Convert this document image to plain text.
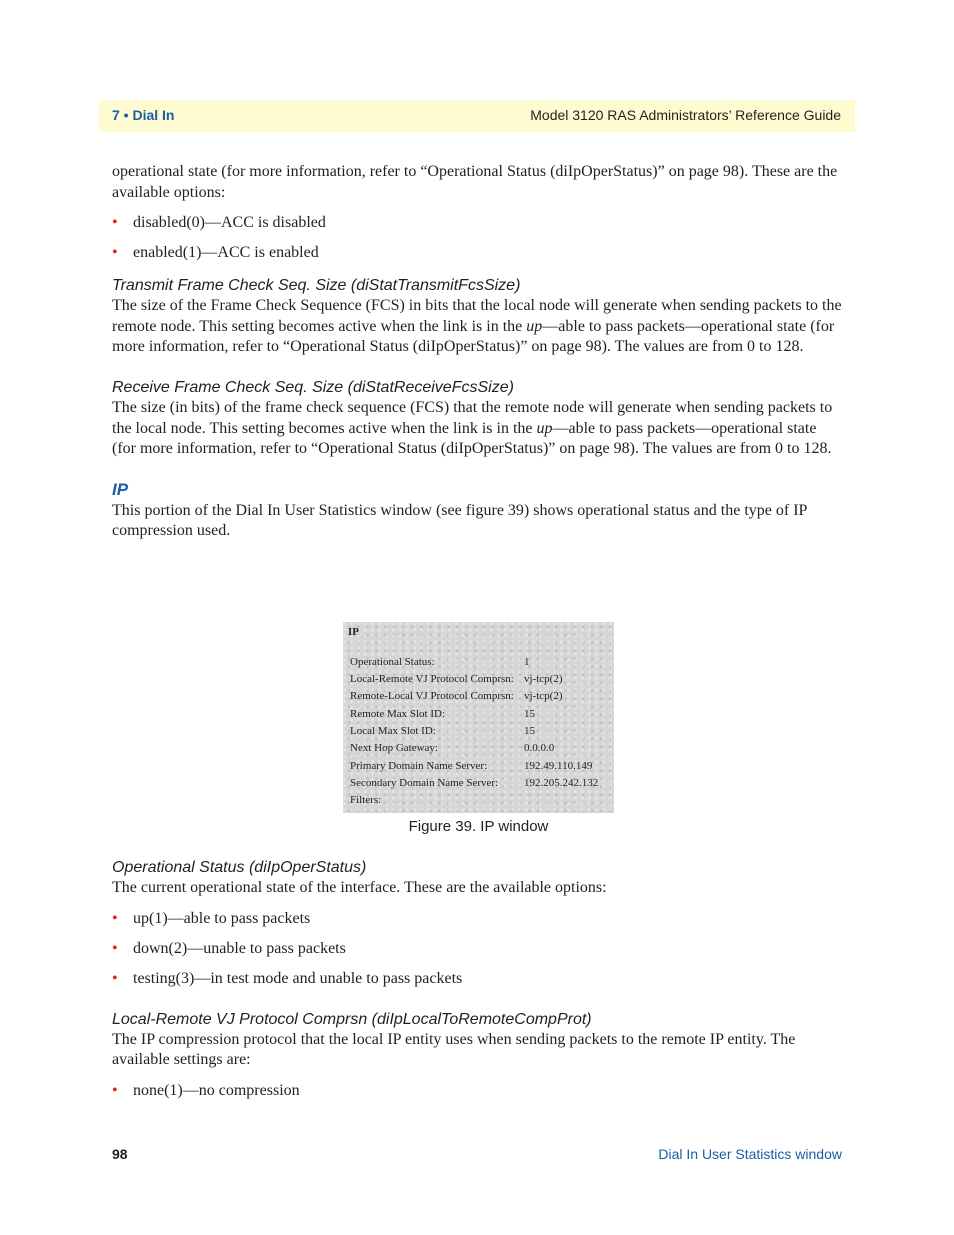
7 • Dial In	Model 3120 RAS Administrators’ Reference Guide

operational state (for more information, refer to “Operational Status (diIpOperStatus)” on page 98). These are the available options:

• disabled(0)—ACC is disabled
• enabled(1)—ACC is enabled
Transmit Frame Check Seq. Size (diStatTransmitFcsSize)

The size of the Frame Check Sequence (FCS) in bits that the local node will generate when sending packets to the remote node. This setting becomes active when the link is in the up—able to pass packets—operational state (for more information, refer to “Operational Status (diIpOperStatus)” on page 98). The values are from 0 to 128.

Receive Frame Check Seq. Size (diStatReceiveFcsSize)

The size (in bits) of the frame check sequence (FCS) that the remote node will generate when sending packets to the local node. This setting becomes active when the link is in the up—able to pass packets—operational state (for more information, refer to “Operational Status (diIpOperStatus)” on page 98). The values are from 0 to 128.

IP

This portion of the Dial In User Statistics window (see figure 39) shows operational status and the type of IP compression used.

IP
Operational Status:	1
Local-Remote VJ Protocol Comprsn: vj-tcp(2)
Remote-Local VJ Protocol Comprsn: vj-tcp(2)
Remote Max Slot ID:	15
Local Max Slot ID:	15
Next Hop Gateway:	0.0.0.0
Primary Domain Name Server:	192.49.110.149
Secondary Domain Name Server: 192.205.242.132
Filters:
Figure 39. IP window
Operational Status (diIpOperStatus)

The current operational state of the interface. These are the available options:

• up(1)—able to pass packets
• down(2)—unable to pass packets
• testing(3)—in test mode and unable to pass packets
Local-Remote VJ Protocol Comprsn (diIpLocalToRemoteCompProt)

The IP compression protocol that the local IP entity uses when sending packets to the remote IP entity. The available settings are:

• none(1)—no compression
98	Dial In User Statistics window
